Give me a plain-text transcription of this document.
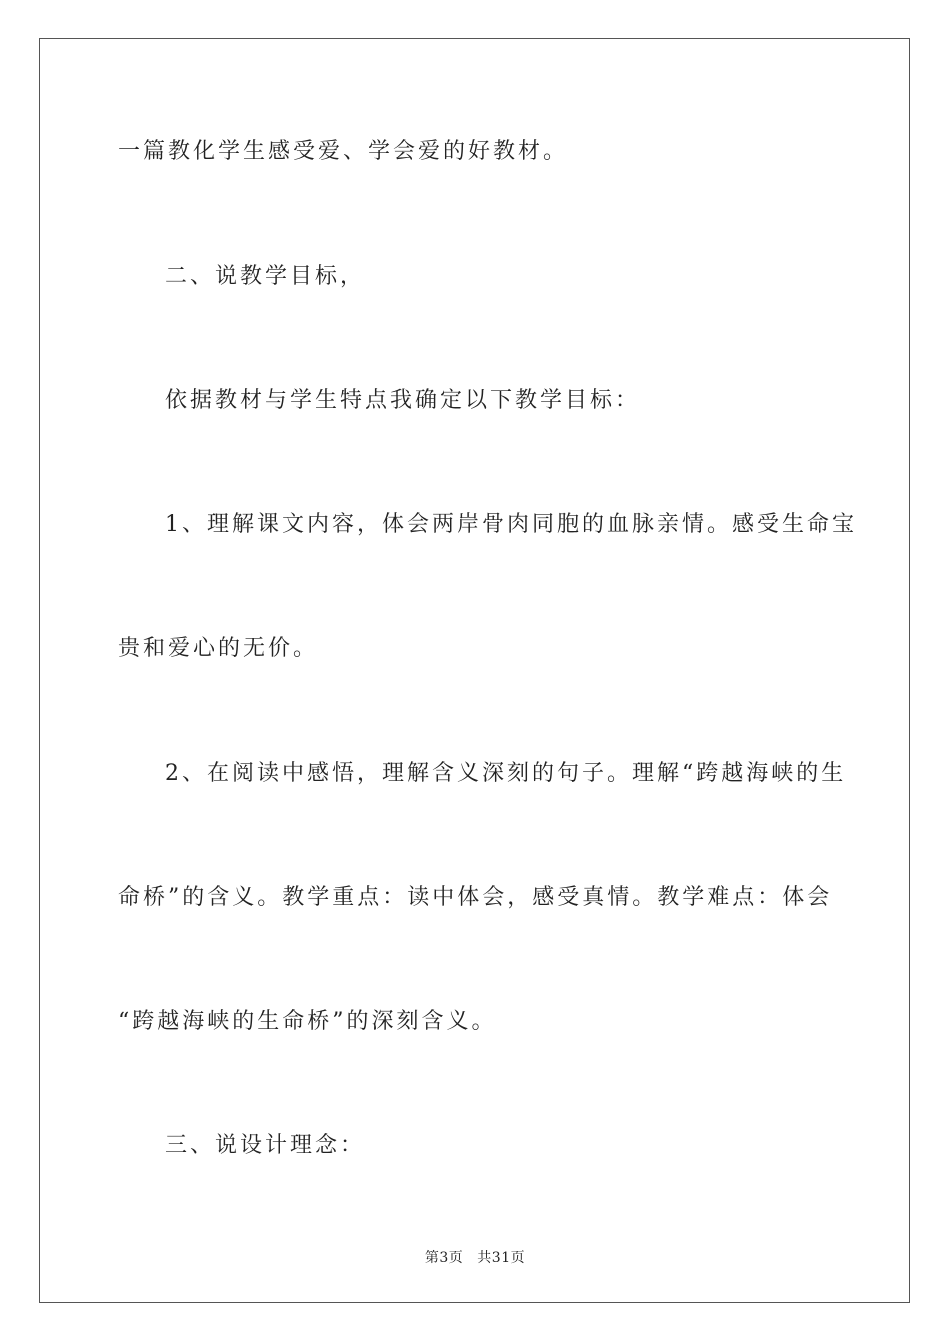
一篇教化学生感受爱、学会爱的好教材。
二、说教学目标，
依据教材与学生特点我确定以下教学目标：
1、理解课文内容，体会两岸骨肉同胞的血脉亲情。感受生命宝
贵和爱心的无价。
2、在阅读中感悟，理解含义深刻的句子。理解“跨越海峡的生
命桥”的含义。教学重点：读中体会，感受真情。教学难点：体会
“跨越海峡的生命桥”的深刻含义。
三、说设计理念：
第3页 共31页
